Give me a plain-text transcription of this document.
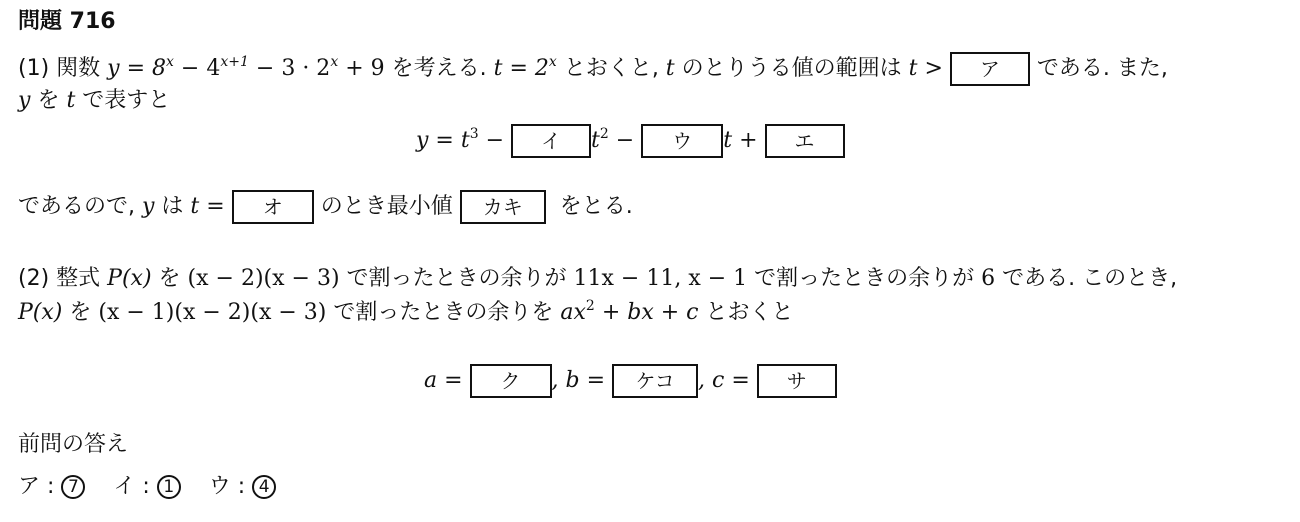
問題 716
(1) 関数 $y = 8^x - 4^{x+1} - 3 \cdot 2^x + 9$ を考える. $t = 2^x$ とおくと, t のとりうる値の範囲は t > ア である. また,
y を t で表すと
$y = t^3$ − イ $t^2$ − ウ t + エ
であるので, y は t = オ のとき最小値 カキ をとる.
(2) 整式 P(x) を (x − 2)(x − 3) で割ったときの余りが 11x − 11, x − 1 で割ったときの余りが 6 である. このとき,
P(x) を (x − 1)(x − 2)(x − 3) で割ったときの余りを $ax^2$ + bx + c とおくと
a = ク , b = ケコ , c = サ
前問の答え
ア : 7 イ : 1 ウ : 4
